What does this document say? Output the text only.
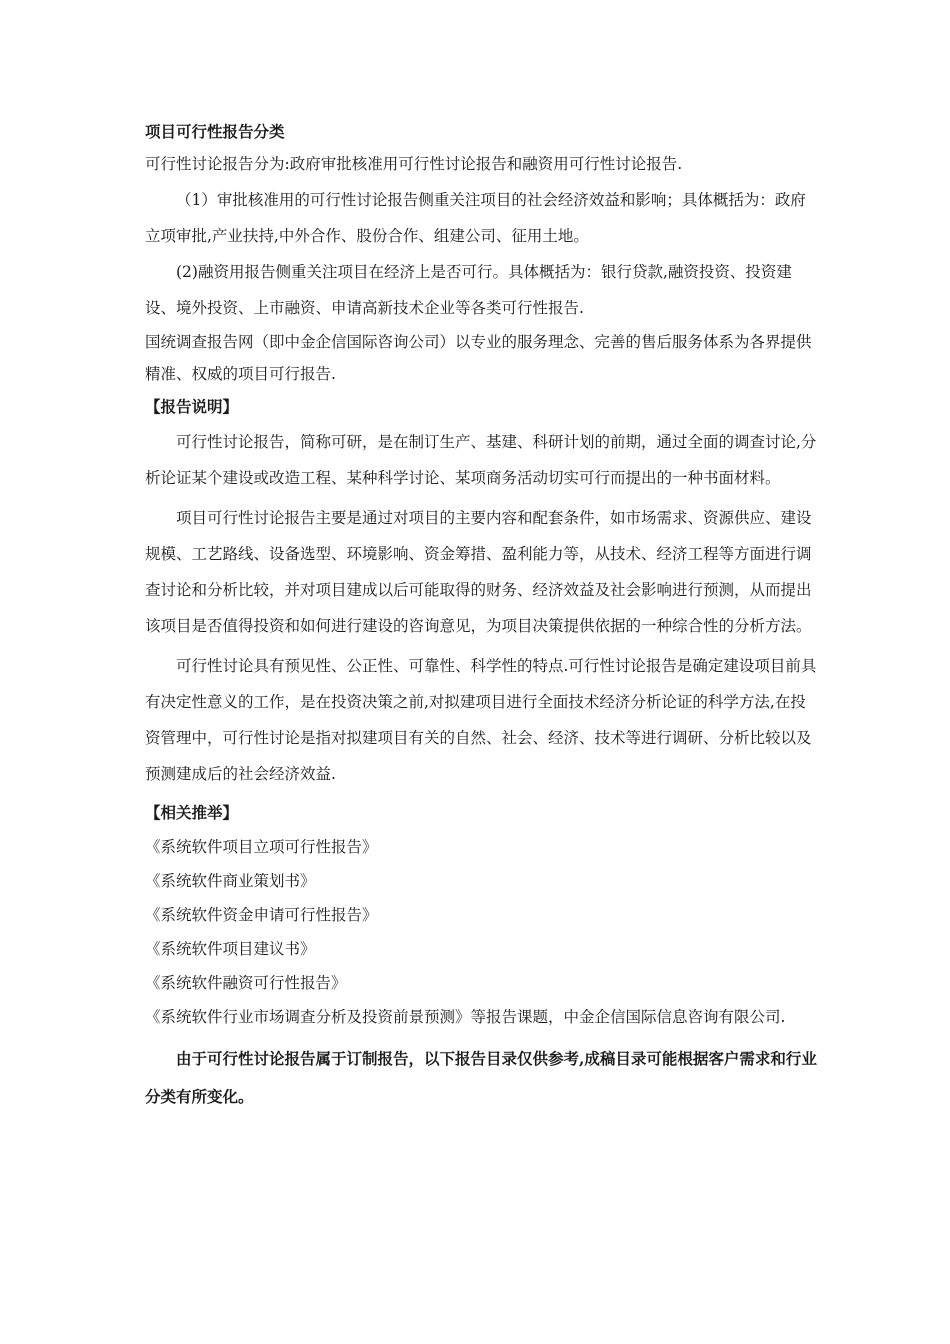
项目可行性报告分类

可行性讨论报告分为:政府审批核准用可行性讨论报告和融资用可行性讨论报告.

（1）审批核准用的可行性讨论报告侧重关注项目的社会经济效益和影响；具体概括为：政府立项审批,产业扶持,中外合作、股份合作、组建公司、征用土地。

(2)融资用报告侧重关注项目在经济上是否可行。具体概括为：银行贷款,融资投资、投资建设、境外投资、上市融资、申请高新技术企业等各类可行性报告.

国统调查报告网（即中金企信国际咨询公司）以专业的服务理念、完善的售后服务体系为各界提供精准、权威的项目可行报告.

【报告说明】

可行性讨论报告，简称可研，是在制订生产、基建、科研计划的前期，通过全面的调查讨论,分析论证某个建设或改造工程、某种科学讨论、某项商务活动切实可行而提出的一种书面材料。

项目可行性讨论报告主要是通过对项目的主要内容和配套条件，如市场需求、资源供应、建设规模、工艺路线、设备选型、环境影响、资金筹措、盈利能力等，从技术、经济工程等方面进行调查讨论和分析比较，并对项目建成以后可能取得的财务、经济效益及社会影响进行预测，从而提出该项目是否值得投资和如何进行建设的咨询意见，为项目决策提供依据的一种综合性的分析方法。

可行性讨论具有预见性、公正性、可靠性、科学性的特点.可行性讨论报告是确定建设项目前具有决定性意义的工作，是在投资决策之前,对拟建项目进行全面技术经济分析论证的科学方法,在投资管理中，可行性讨论是指对拟建项目有关的自然、社会、经济、技术等进行调研、分析比较以及预测建成后的社会经济效益.

【相关推举】

《系统软件项目立项可行性报告》

《系统软件商业策划书》

《系统软件资金申请可行性报告》

《系统软件项目建议书》

《系统软件融资可行性报告》

《系统软件行业市场调查分析及投资前景预测》等报告课题，中金企信国际信息咨询有限公司.

由于可行性讨论报告属于订制报告，以下报告目录仅供参考,成稿目录可能根据客户需求和行业分类有所变化。
